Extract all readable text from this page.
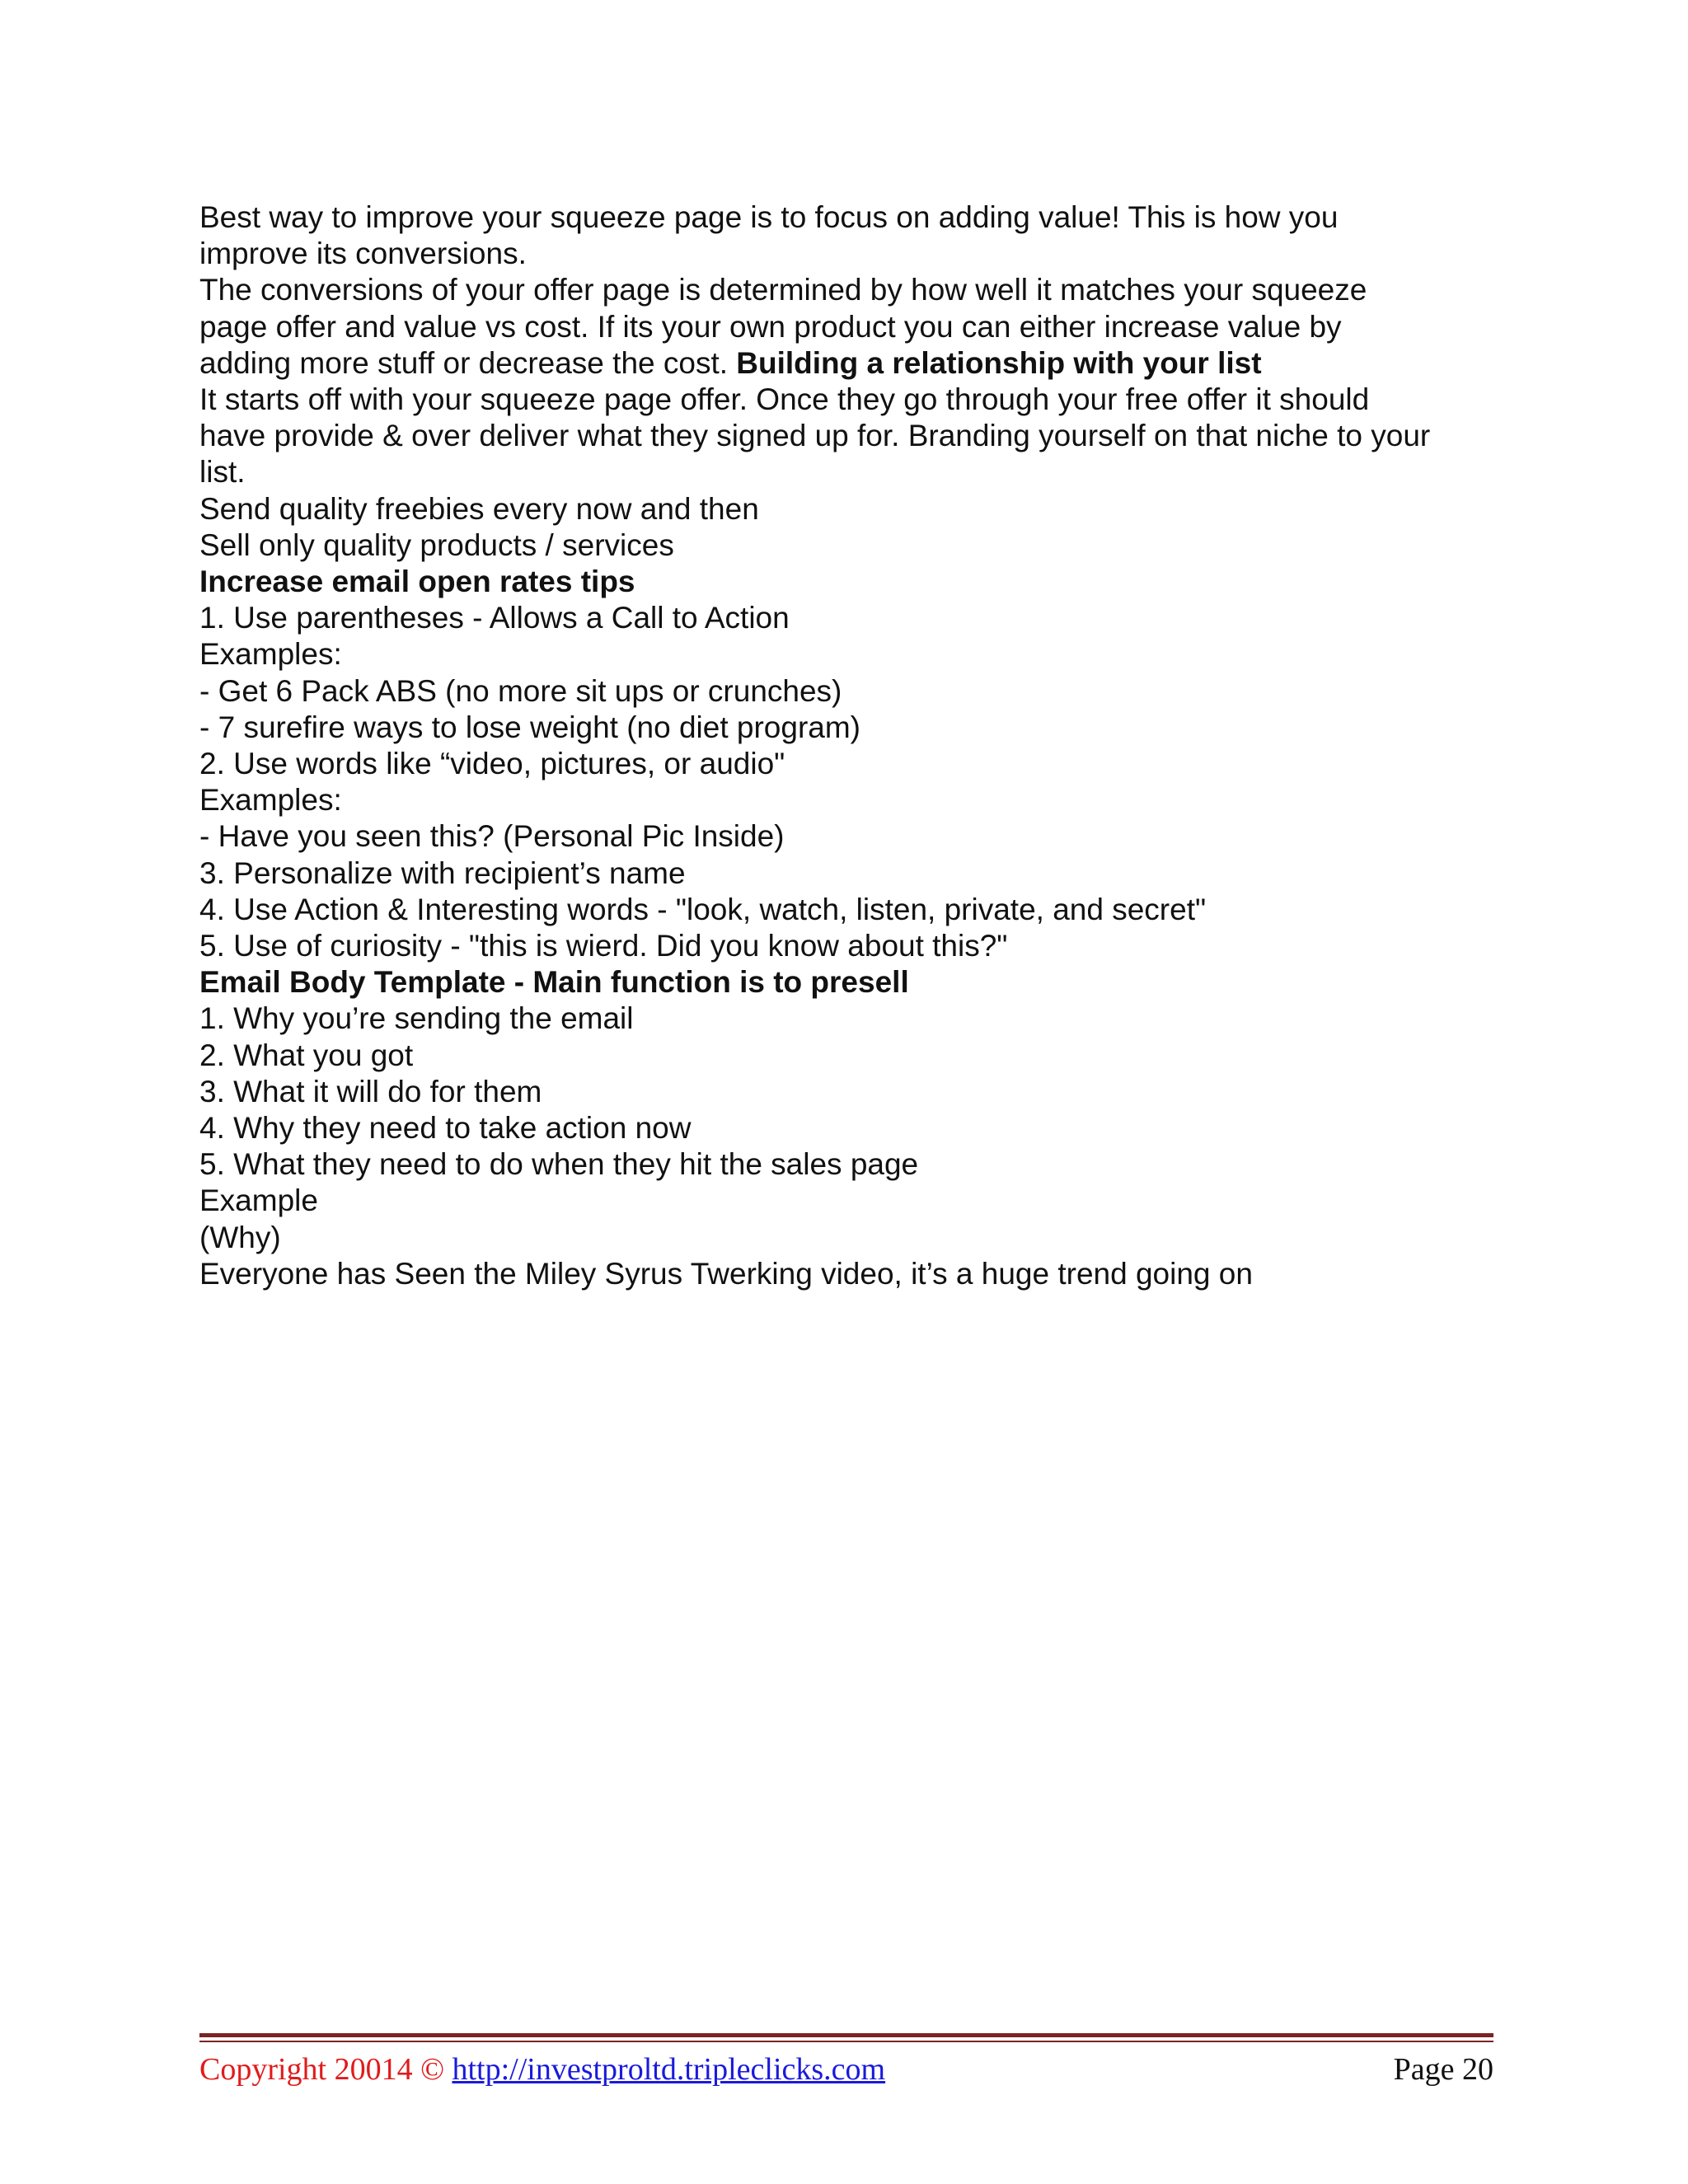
Best way to improve your squeeze page is to focus on adding value! This is how you
improve its conversions.
The conversions of your offer page is determined by how well it matches your squeeze
page offer and value vs cost. If its your own product you can either increase value by
adding more stuff or decrease the cost. Building a relationship with your list
It starts off with your squeeze page offer. Once they go through your free offer it should
have provide & over deliver what they signed up for. Branding yourself on that niche to your
list.
Send quality freebies every now and then
Sell only quality products / services
Increase email open rates tips
1. Use parentheses - Allows a Call to Action
Examples:
- Get 6 Pack ABS (no more sit ups or crunches)
- 7 surefire ways to lose weight (no diet program)
2. Use words like “video, pictures, or audio"
Examples:
- Have you seen this? (Personal Pic Inside)
3. Personalize with recipient’s name
4. Use Action & Interesting words - "look, watch, listen, private, and secret"
5. Use of curiosity - "this is wierd. Did you know about this?"
Email Body Template - Main function is to presell
1. Why you’re sending the email
2. What you got
3. What it will do for them
4. Why they need to take action now
5. What they need to do when they hit the sales page
Example
(Why)
Everyone has Seen the Miley Syrus Twerking video, it’s a huge trend going on
Copyright 20014 © http://investproltd.tripleclicks.com	Page 20
